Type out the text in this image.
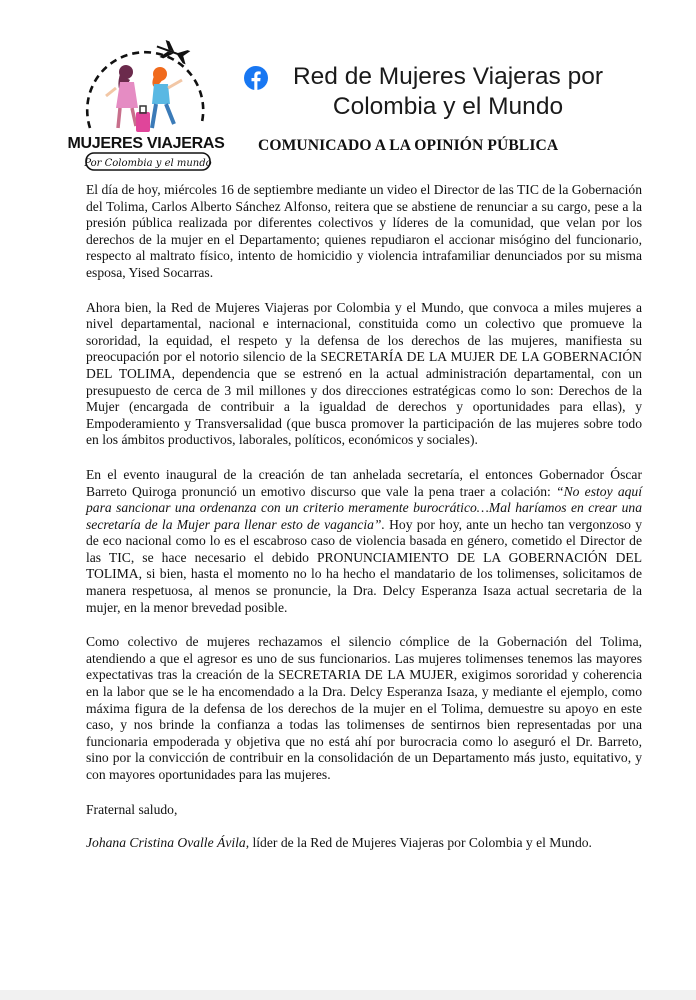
MUJERES VIAJERAS
Por Colombia y el mundo
Red de Mujeres Viajeras por Colombia y el Mundo
COMUNICADO A LA OPINIÓN PÚBLICA

El día de hoy, miércoles 16 de septiembre mediante un video el Director de las TIC de la Gobernación del Tolima, Carlos Alberto Sánchez Alfonso, reitera que se abstiene de renunciar a su cargo, pese a la presión pública realizada por diferentes colectivos y líderes de la comunidad, que velan por los derechos de la mujer en el Departamento; quienes repudiaron el accionar misógino del funcionario, respecto al maltrato físico, intento de homicidio y violencia intrafamiliar denunciados por su misma esposa, Yised Socarras.

Ahora bien, la Red de Mujeres Viajeras por Colombia y el Mundo, que convoca a miles mujeres a nivel departamental, nacional e internacional, constituida como un colectivo que promueve la sororidad, la equidad, el respeto y la defensa de los derechos de las mujeres, manifiesta su preocupación por el notorio silencio de la SECRETARÍA DE LA MUJER DE LA GOBERNACIÓN DEL TOLIMA, dependencia que se estrenó en la actual administración departamental, con un presupuesto de cerca de 3 mil millones y dos direcciones estratégicas como lo son: Derechos de la Mujer (encargada de contribuir a la igualdad de derechos y oportunidades para ellas), y Empoderamiento y Transversalidad (que busca promover la participación de las mujeres sobre todo en los ámbitos productivos, laborales, políticos, económicos y sociales).

En el evento inaugural de la creación de tan anhelada secretaría, el entonces Gobernador Óscar Barreto Quiroga pronunció un emotivo discurso que vale la pena traer a colación: “No estoy aquí para sancionar una ordenanza con un criterio meramente burocrático…Mal haríamos en crear una secretaría de la Mujer para llenar esto de vagancia”. Hoy por hoy, ante un hecho tan vergonzoso y de eco nacional como lo es el escabroso caso de violencia basada en género, cometido el Director de las TIC, se hace necesario el debido PRONUNCIAMIENTO DE LA GOBERNACIÓN DEL TOLIMA, si bien, hasta el momento no lo ha hecho el mandatario de los tolimenses, solicitamos de manera respetuosa, al menos se pronuncie, la Dra. Delcy Esperanza Isaza actual secretaria de la mujer, en la menor brevedad posible.

Como colectivo de mujeres rechazamos el silencio cómplice de la Gobernación del Tolima, atendiendo a que el agresor es uno de sus funcionarios. Las mujeres tolimenses tenemos las mayores expectativas tras la creación de la SECRETARIA DE LA MUJER, exigimos sororidad y coherencia en la labor que se le ha encomendado a la Dra. Delcy Esperanza Isaza, y mediante el ejemplo, como máxima figura de la defensa de los derechos de la mujer en el Tolima, demuestre su apoyo en este caso, y nos brinde la confianza a todas las tolimenses de sentirnos bien representadas por una funcionaria empoderada y objetiva que no está ahí por burocracia como lo aseguró el Dr. Barreto, sino por la convicción de contribuir en la consolidación de un Departamento más justo, equitativo, y con mayores oportunidades para las mujeres.

Fraternal saludo,

Johana Cristina Ovalle Ávila, líder de la Red de Mujeres Viajeras por Colombia y el Mundo.
